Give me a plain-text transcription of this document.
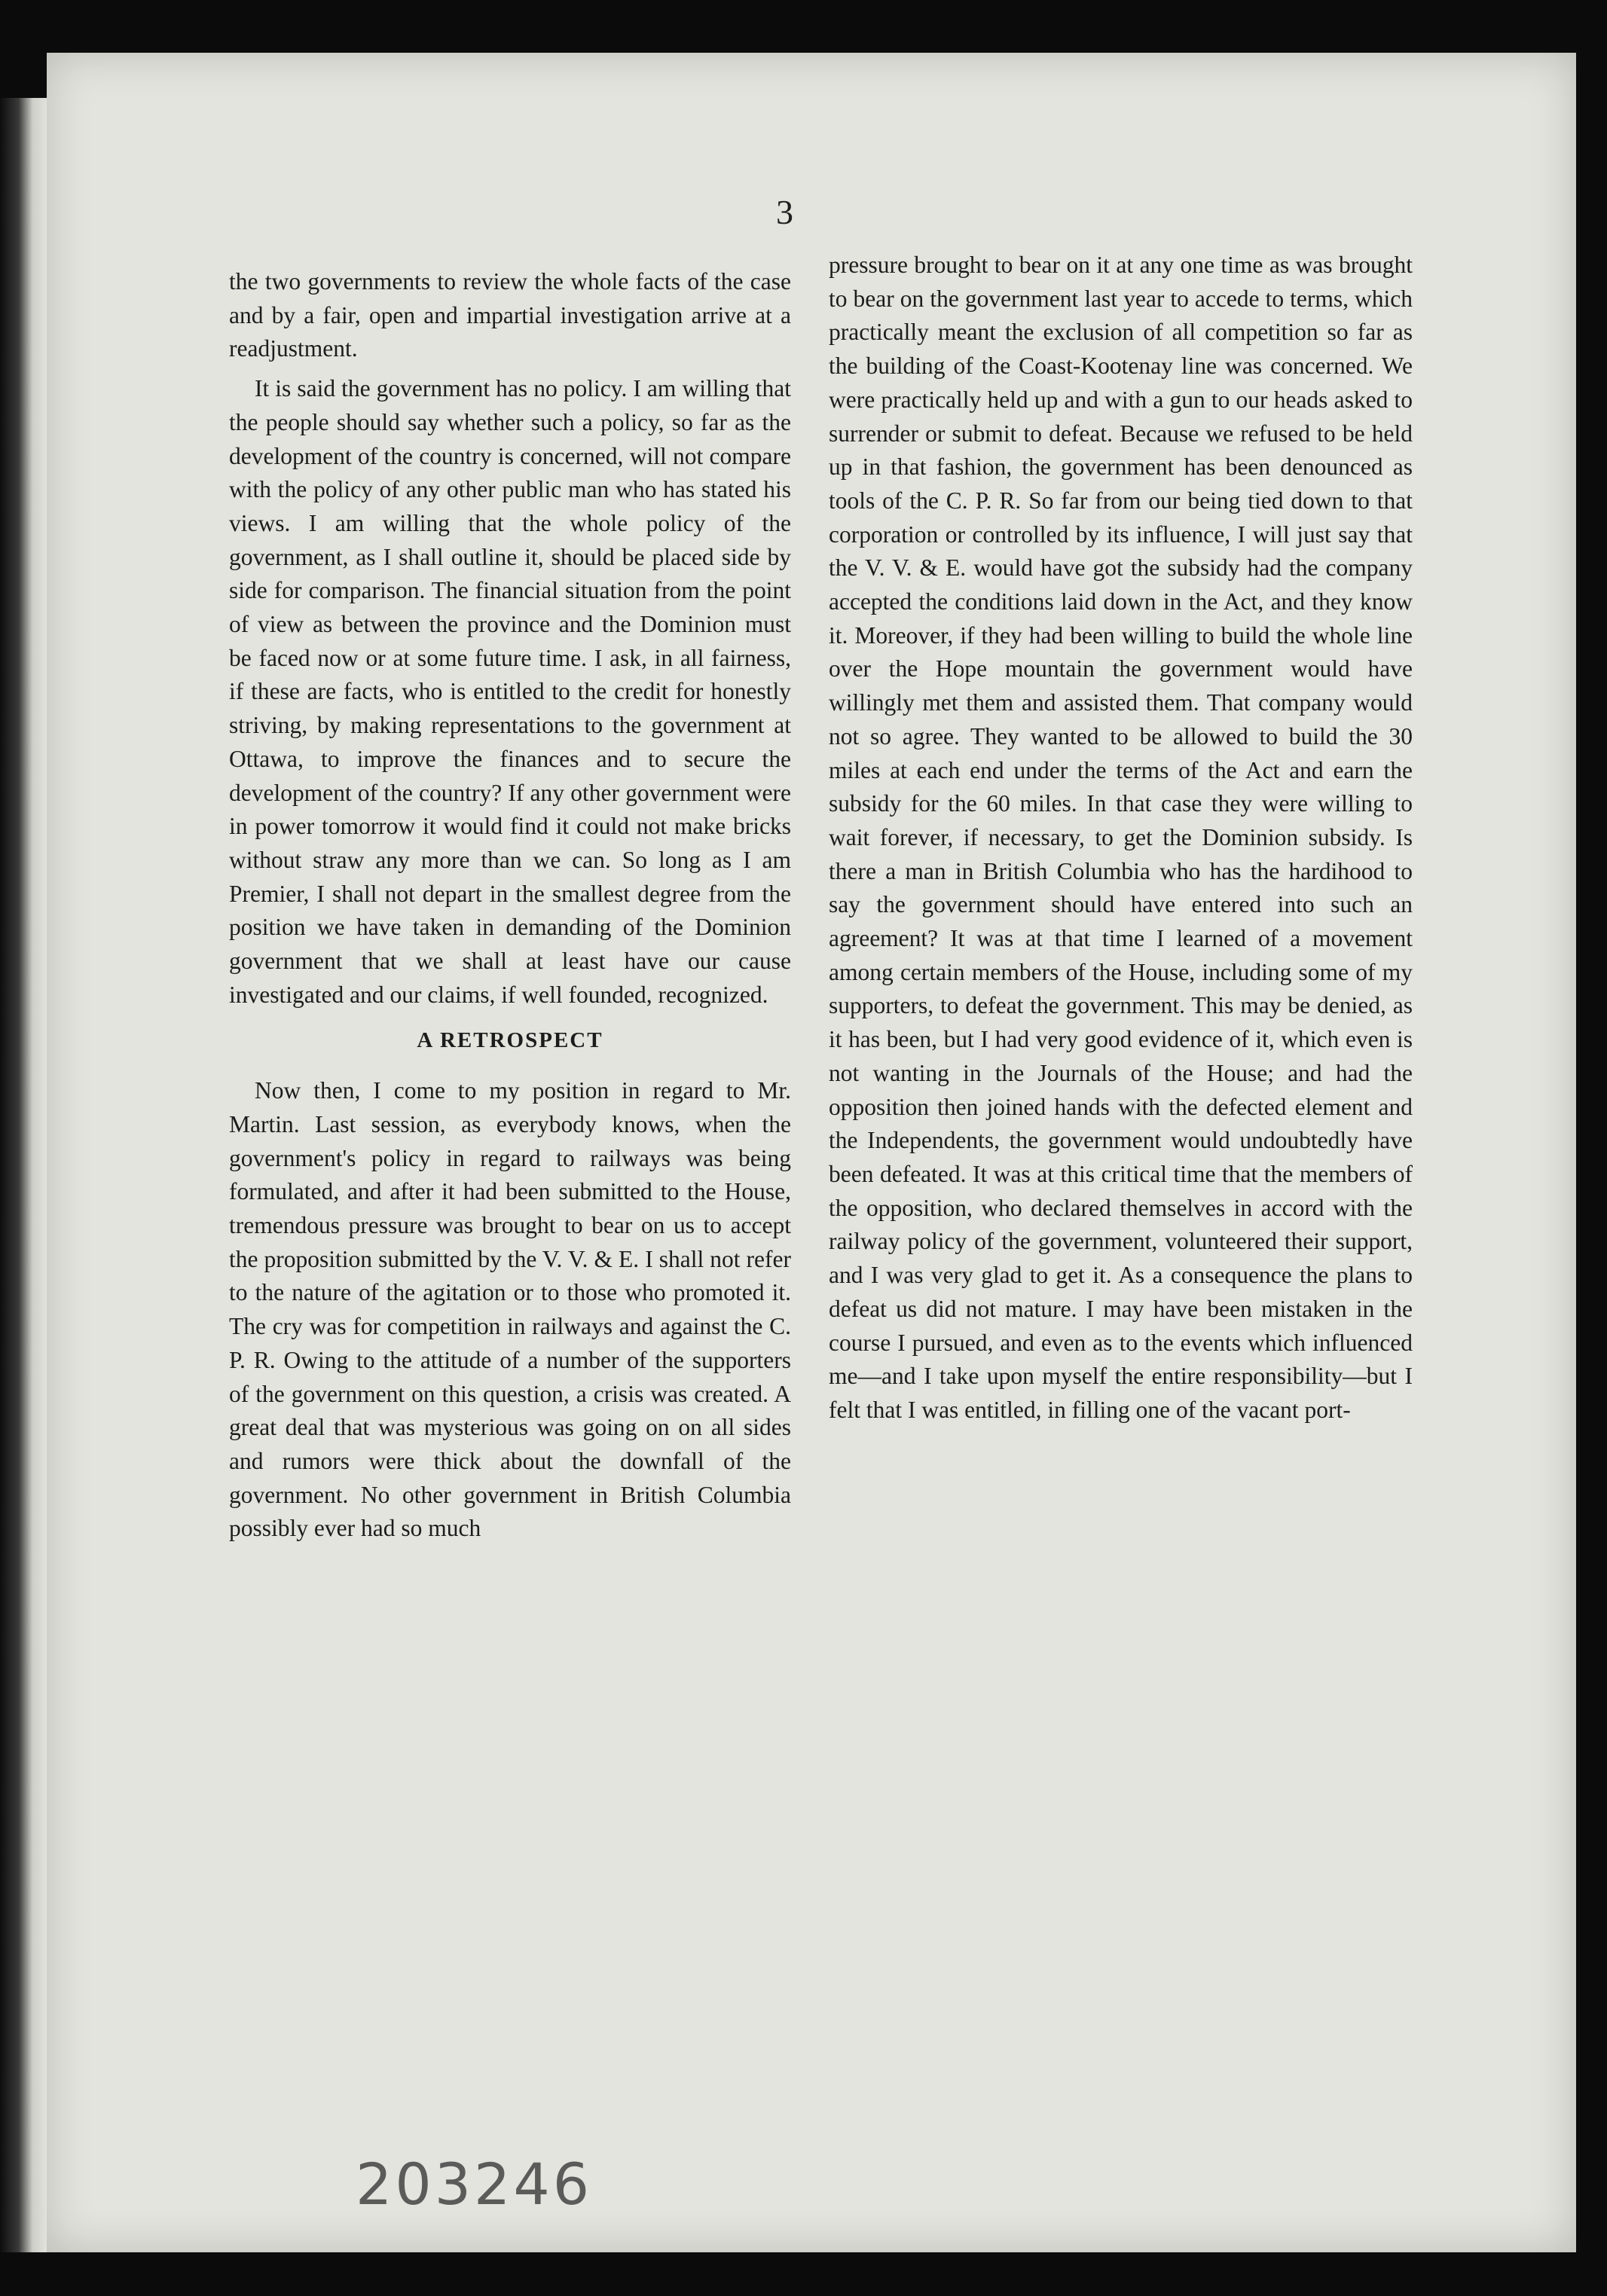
3

the two governments to review the whole facts of the case and by a fair, open and impartial investigation arrive at a readjustment.

It is said the government has no policy. I am willing that the people should say whether such a policy, so far as the development of the country is concerned, will not compare with the policy of any other public man who has stated his views. I am willing that the whole policy of the government, as I shall outline it, should be placed side by side for comparison. The financial situation from the point of view as between the province and the Dominion must be faced now or at some future time. I ask, in all fairness, if these are facts, who is entitled to the credit for honestly striving, by making representations to the government at Ottawa, to improve the finances and to secure the development of the country? If any other government were in power tomorrow it would find it could not make bricks without straw any more than we can. So long as I am Premier, I shall not depart in the smallest degree from the position we have taken in demanding of the Dominion government that we shall at least have our cause investigated and our claims, if well founded, recognized.

A RETROSPECT

Now then, I come to my position in regard to Mr. Martin. Last session, as everybody knows, when the government's policy in regard to railways was being formulated, and after it had been submitted to the House, tremendous pressure was brought to bear on us to accept the proposition submitted by the V. V. & E. I shall not refer to the nature of the agitation or to those who promoted it. The cry was for competition in railways and against the C. P. R. Owing to the attitude of a number of the supporters of the government on this question, a crisis was created. A great deal that was mysterious was going on on all sides and rumors were thick about the downfall of the government. No other government in British Columbia possibly ever had so much

pressure brought to bear on it at any one time as was brought to bear on the government last year to accede to terms, which practically meant the exclusion of all competition so far as the building of the Coast-Kootenay line was concerned. We were practically held up and with a gun to our heads asked to surrender or submit to defeat. Because we refused to be held up in that fashion, the government has been denounced as tools of the C. P. R. So far from our being tied down to that corporation or controlled by its influence, I will just say that the V. V. & E. would have got the subsidy had the company accepted the conditions laid down in the Act, and they know it. Moreover, if they had been willing to build the whole line over the Hope mountain the government would have willingly met them and assisted them. That company would not so agree. They wanted to be allowed to build the 30 miles at each end under the terms of the Act and earn the subsidy for the 60 miles. In that case they were willing to wait forever, if necessary, to get the Dominion subsidy. Is there a man in British Columbia who has the hardihood to say the government should have entered into such an agreement? It was at that time I learned of a movement among certain members of the House, including some of my supporters, to defeat the government. This may be denied, as it has been, but I had very good evidence of it, which even is not wanting in the Journals of the House; and had the opposition then joined hands with the defected element and the Independents, the government would undoubtedly have been defeated. It was at this critical time that the members of the opposition, who declared themselves in accord with the railway policy of the government, volunteered their support, and I was very glad to get it. As a consequence the plans to defeat us did not mature. I may have been mistaken in the course I pursued, and even as to the events which influenced me—and I take upon myself the entire responsibility—but I felt that I was entitled, in filling one of the vacant port-

203246
